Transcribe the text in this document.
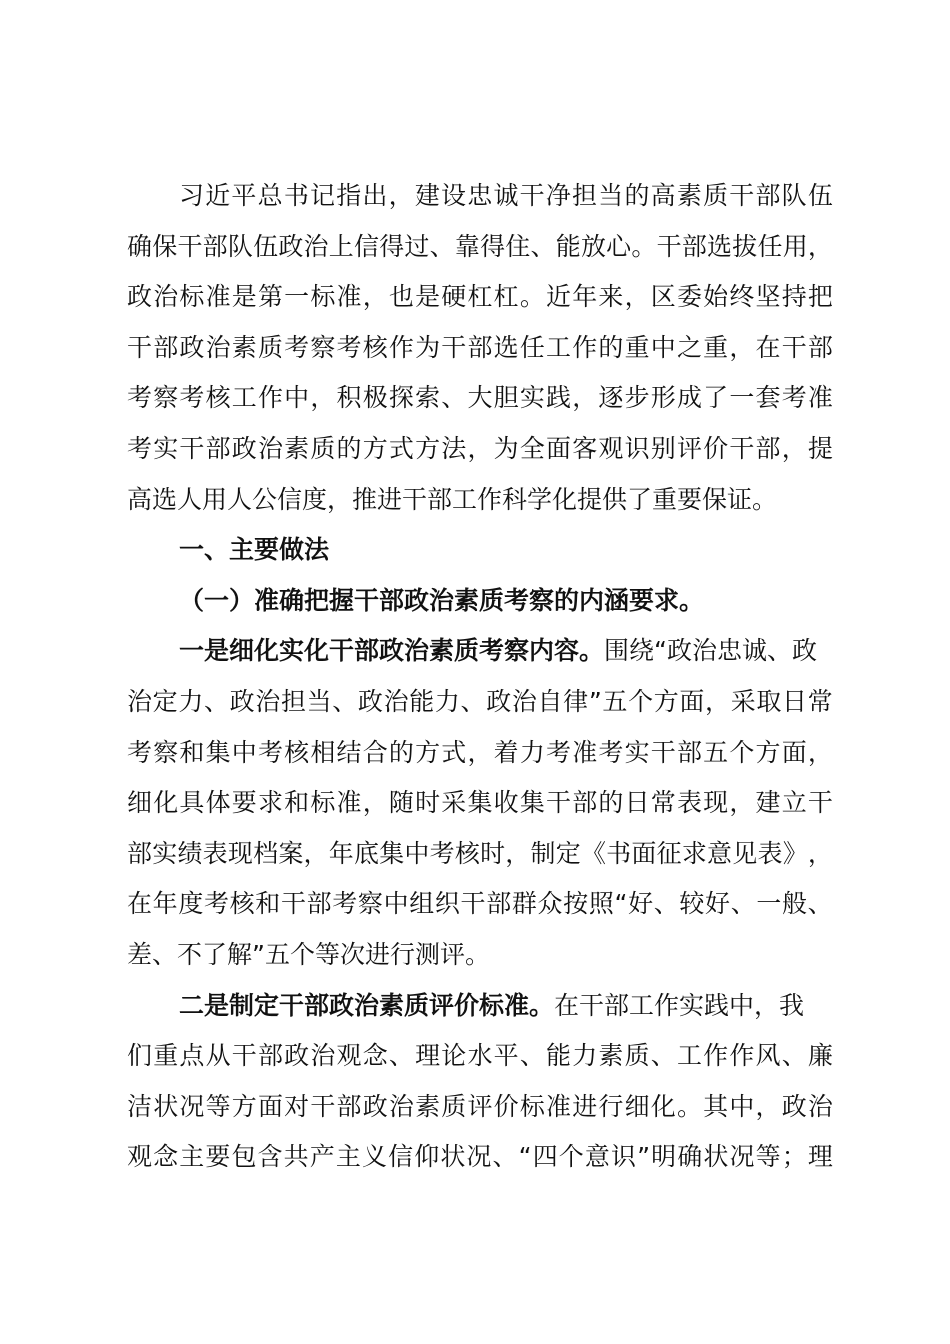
习 近 平 总 书 记 指 出 ， 建 设 忠 诚 干 净 担 当 的 高 素 质 干 部 队 伍
确 保 干 部 队 伍 政 治 上 信 得 过 、 靠 得 住 、 能 放 心 。 干 部 选 拔 任 用 ，
政 治 标 准 是 第 一 标 准 ， 也 是 硬 杠 杠 。 近 年 来 ， 区 委 始 终 坚 持 把
干 部 政 治 素 质 考 察 考 核 作 为 干 部 选 任 工 作 的 重 中 之 重 ， 在 干 部
考 察 考 核 工 作 中 ， 积 极 探 索 、 大 胆 实 践 ， 逐 步 形 成 了 一 套 考 准
考 实 干 部 政 治 素 质 的 方 式 方 法 ， 为 全 面 客 观 识 别 评 价 干 部 ， 提
高选人用人公信度，推进干部工作科学化提供了重要保证。
一、主要做法
（一）准确把握干部政治素质考察的内涵要求。
一是细化实化干部政治素质考察内容。 围绕“政治忠诚、政
治 定 力 、 政 治 担 当 、 政 治 能 力 、 政 治 自 律 ” 五 个 方 面 ， 采 取 日 常
考 察 和 集 中 考 核 相 结 合 的 方 式 ， 着 力 考 准 考 实 干 部 五 个 方 面 ，
细 化 具 体 要 求 和 标 准 ， 随 时 采 集 收 集 干 部 的 日 常 表 现 ， 建 立 干
部 实 绩 表 现 档 案 ， 年 底 集 中 考 核 时 ， 制 定 《 书 面 征 求 意 见 表 》 ，
在 年 度 考 核 和 干 部 考 察 中 组 织 干 部 群 众 按 照 “ 好 、 较 好 、 一 般 、
差、不了解”五个等次进行测评。
二是制定干部政治素质评价标准。 在干部工作实践中，我
们 重 点 从 干 部 政 治 观 念 、 理 论 水 平 、 能 力 素 质 、 工 作 作 风 、 廉
洁 状 况 等 方 面 对 干 部 政 治 素 质 评 价 标 准 进 行 细 化 。 其 中 ， 政 治
观 念 主 要 包 含 共 产 主 义 信 仰 状 况 、 “ 四 个 意 识 ” 明 确 状 况 等 ； 理
